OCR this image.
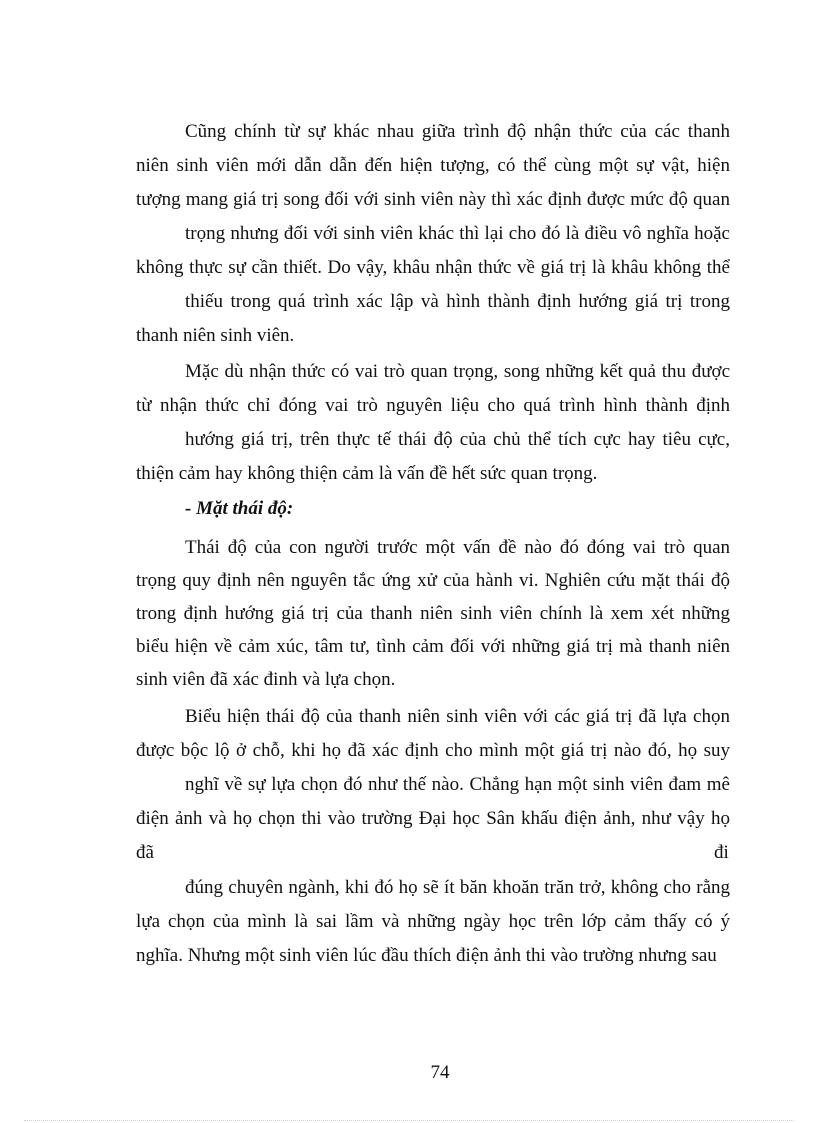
Cũng chính từ sự khác nhau giữa trình độ nhận thức của các thanh
niên sinh viên mới dẫn dẫn đến hiện tượng, có thể cùng một sự vật, hiện
tượng mang giá trị song đối với sinh viên này thì xác định được mức độ quan
trọng nhưng đối với sinh viên khác thì lại cho đó là điều vô nghĩa hoặc
không thực sự cần thiết. Do vậy, khâu nhận thức về giá trị là khâu không thể
thiếu trong quá trình xác lập và hình thành định hướng giá trị trong
thanh niên sinh viên.
Mặc dù nhận thức có vai trò quan trọng, song những kết quả thu được
từ nhận thức chỉ đóng vai trò nguyên liệu cho quá trình hình thành định
hướng giá trị, trên thực tế thái độ của chủ thể tích cực hay tiêu cực,
thiện cảm hay không thiện cảm là vấn đề hết sức quan trọng.
- Mặt thái độ:
Thái độ của con người trước một vấn đề nào đó đóng vai trò quan
trọng quy định nên nguyên tắc ứng xử của hành vi. Nghiên cứu mặt thái độ
trong định hướng giá trị của thanh niên sinh viên chính là xem xét những
biểu hiện về cảm xúc, tâm tư, tình cảm đối với những giá trị mà thanh niên
sinh viên đã xác đinh và lựa chọn.
Biểu hiện thái độ của thanh niên sinh viên với các giá trị đã lựa chọn
được bộc lộ ở chỗ, khi họ đã xác định cho mình một giá trị nào đó, họ suy
nghĩ về sự lựa chọn đó như thế nào. Chẳng hạn một sinh viên đam mê
điện ảnh và họ chọn thi vào trường Đại học Sân khấu điện ảnh, như vậy họ
đã	đi
đúng chuyên ngành, khi đó họ sẽ ít băn khoăn trăn trở, không cho rằng
lựa chọn của mình là sai lầm và những ngày học trên lớp cảm thấy có ý
nghĩa. Nhưng một sinh viên lúc đầu thích điện ảnh thi vào trường nhưng sau
74
